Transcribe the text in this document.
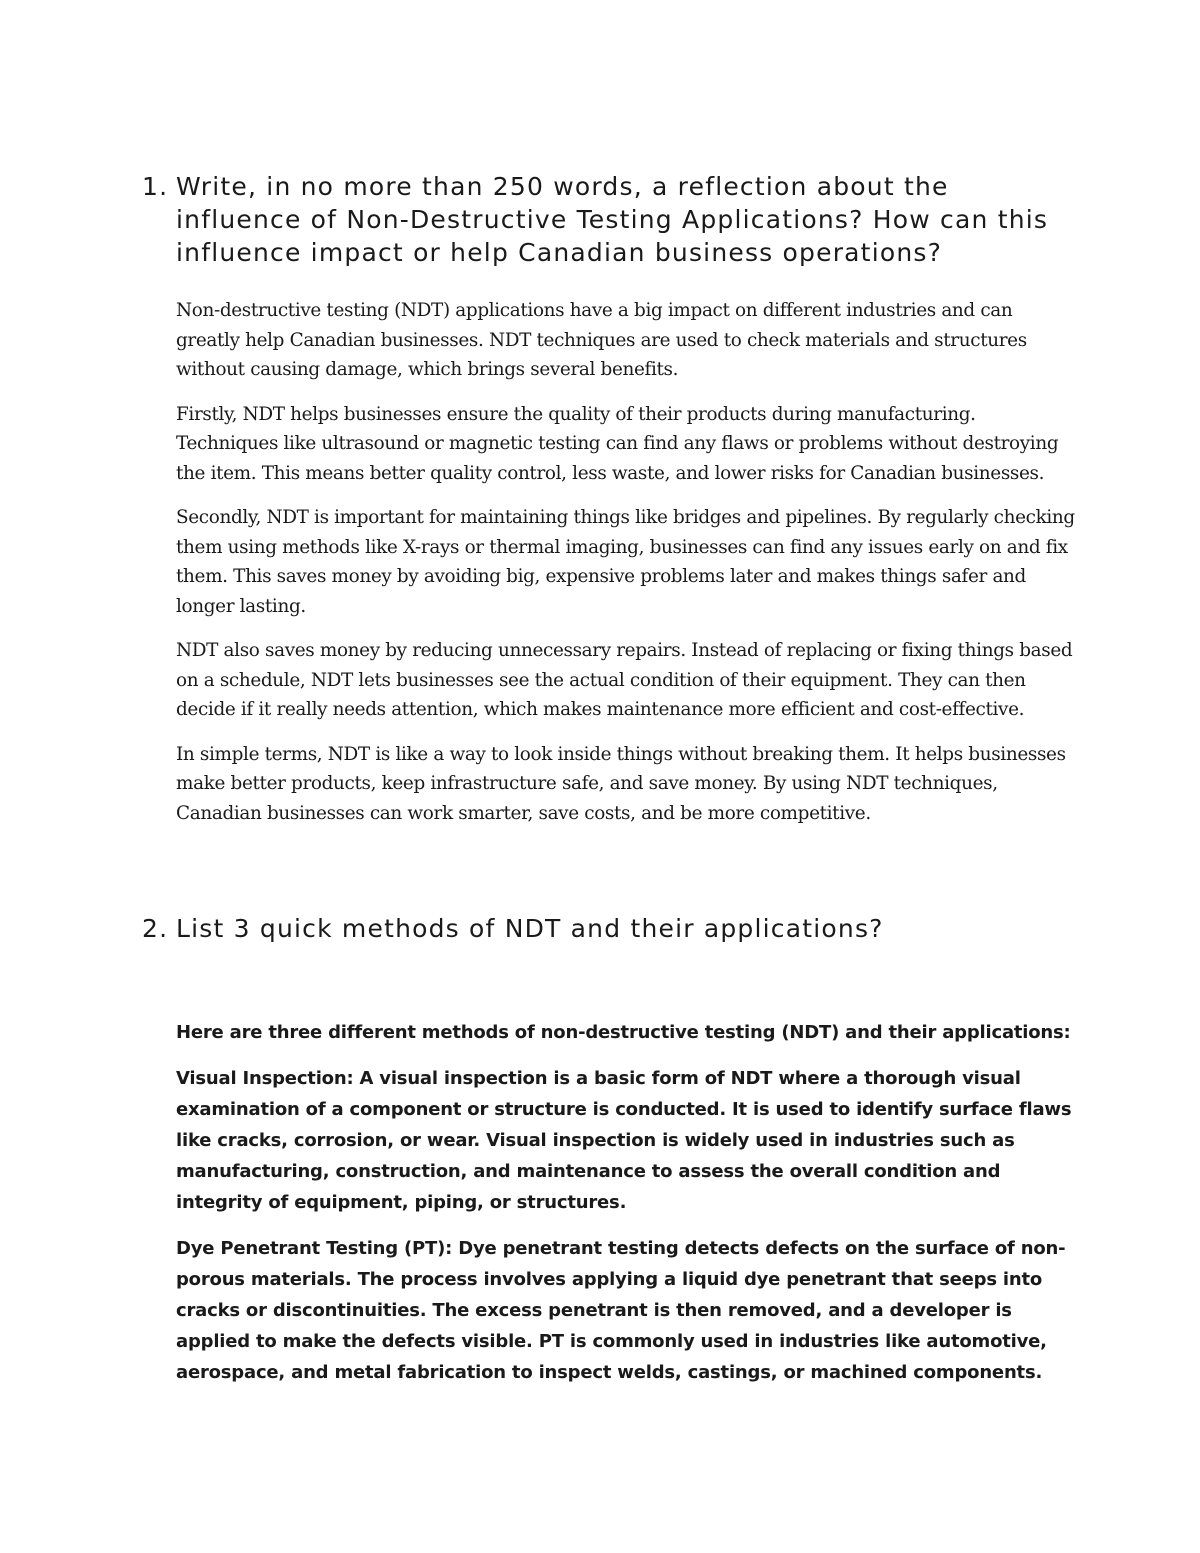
1. Write, in no more than 250 words, a reflection about the influence of Non-Destructive Testing Applications? How can this influence impact or help Canadian business operations?

Non-destructive testing (NDT) applications have a big impact on different industries and can greatly help Canadian businesses. NDT techniques are used to check materials and structures without causing damage, which brings several benefits.

Firstly, NDT helps businesses ensure the quality of their products during manufacturing. Techniques like ultrasound or magnetic testing can find any flaws or problems without destroying the item. This means better quality control, less waste, and lower risks for Canadian businesses.

Secondly, NDT is important for maintaining things like bridges and pipelines. By regularly checking them using methods like X-rays or thermal imaging, businesses can find any issues early on and fix them. This saves money by avoiding big, expensive problems later and makes things safer and longer lasting.

NDT also saves money by reducing unnecessary repairs. Instead of replacing or fixing things based on a schedule, NDT lets businesses see the actual condition of their equipment. They can then decide if it really needs attention, which makes maintenance more efficient and cost-effective.

In simple terms, NDT is like a way to look inside things without breaking them. It helps businesses make better products, keep infrastructure safe, and save money. By using NDT techniques, Canadian businesses can work smarter, save costs, and be more competitive.

2. List 3 quick methods of NDT and their applications?

Here are three different methods of non-destructive testing (NDT) and their applications:

Visual Inspection: A visual inspection is a basic form of NDT where a thorough visual examination of a component or structure is conducted. It is used to identify surface flaws like cracks, corrosion, or wear. Visual inspection is widely used in industries such as manufacturing, construction, and maintenance to assess the overall condition and integrity of equipment, piping, or structures.

Dye Penetrant Testing (PT): Dye penetrant testing detects defects on the surface of non-porous materials. The process involves applying a liquid dye penetrant that seeps into cracks or discontinuities. The excess penetrant is then removed, and a developer is applied to make the defects visible. PT is commonly used in industries like automotive, aerospace, and metal fabrication to inspect welds, castings, or machined components.
